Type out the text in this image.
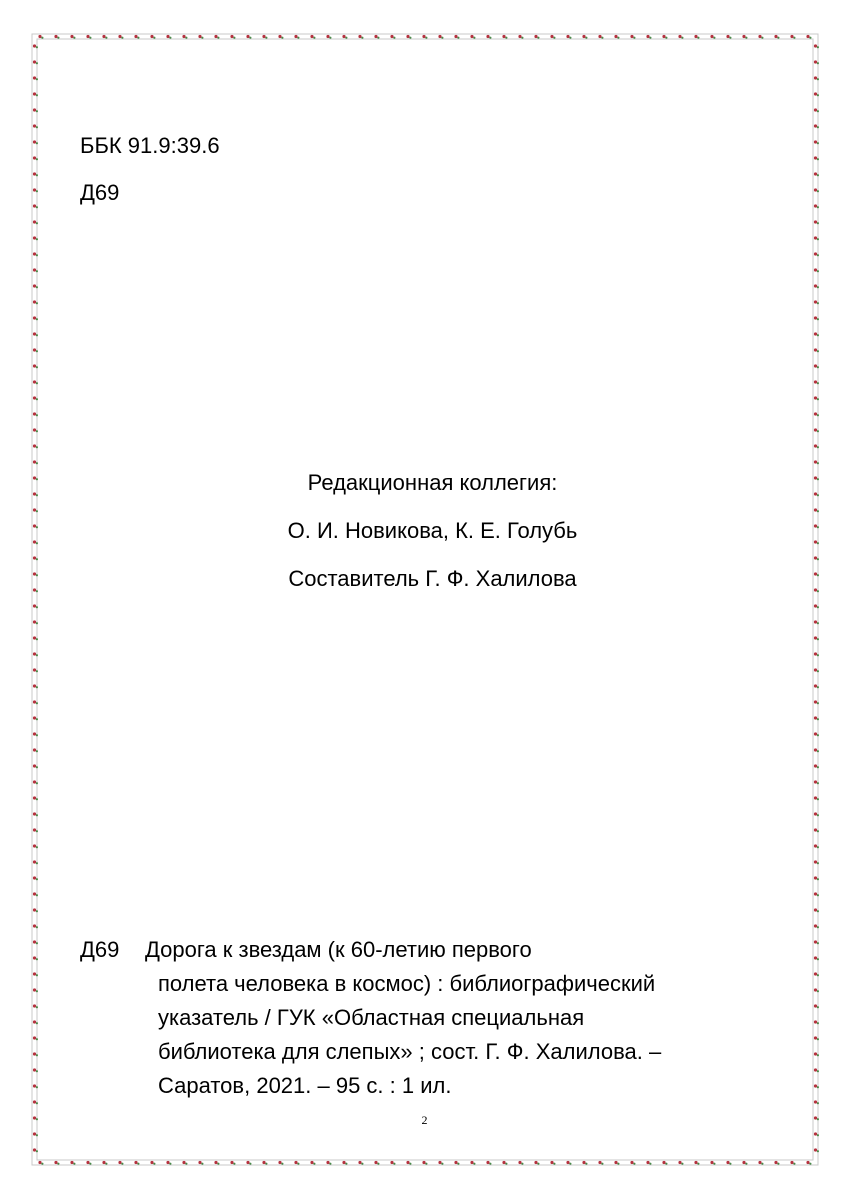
ББК 91.9:39.6
Д69
Редакционная коллегия:
О. И. Новикова, К. Е. Голубь
Составитель Г. Ф. Халилова
Д69 Дорога к звездам (к 60-летию первого
полета человека в космос) : библиографический
указатель / ГУК «Областная специальная
библиотека для слепых» ; сост. Г. Ф. Халилова. –
Саратов, 2021. – 95 с. : 1 ил.
2
